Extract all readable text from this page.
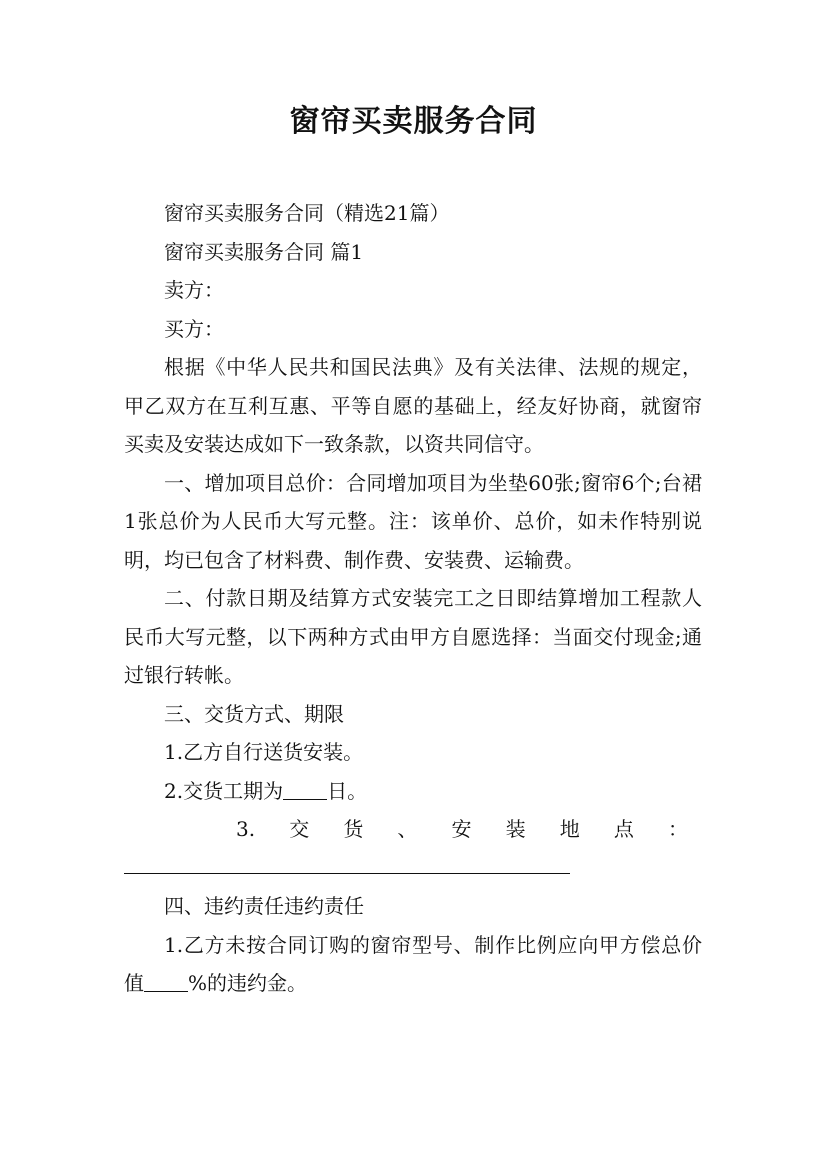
窗帘买卖服务合同

窗帘买卖服务合同（精选21篇）

窗帘买卖服务合同 篇1

卖方：

买方：

根据《中华人民共和国民法典》及有关法律、法规的规定，甲乙双方在互利互惠、平等自愿的基础上，经友好协商，就窗帘买卖及安装达成如下一致条款，以资共同信守。

一、增加项目总价：合同增加项目为坐垫60张;窗帘6个;台裙1张总价为人民币大写元整。注：该单价、总价，如未作特别说明，均已包含了材料费、制作费、安装费、运输费。

二、付款日期及结算方式安装完工之日即结算增加工程款人民币大写元整，以下两种方式由甲方自愿选择：当面交付现金;通过银行转帐。

三、交货方式、期限

1.乙方自行送货安装。

2.交货工期为 日。

3. 交 货 、 安 装 地 点 ：

四、违约责任违约责任

1.乙方未按合同订购的窗帘型号、制作比例应向甲方偿总价值 %的违约金。
